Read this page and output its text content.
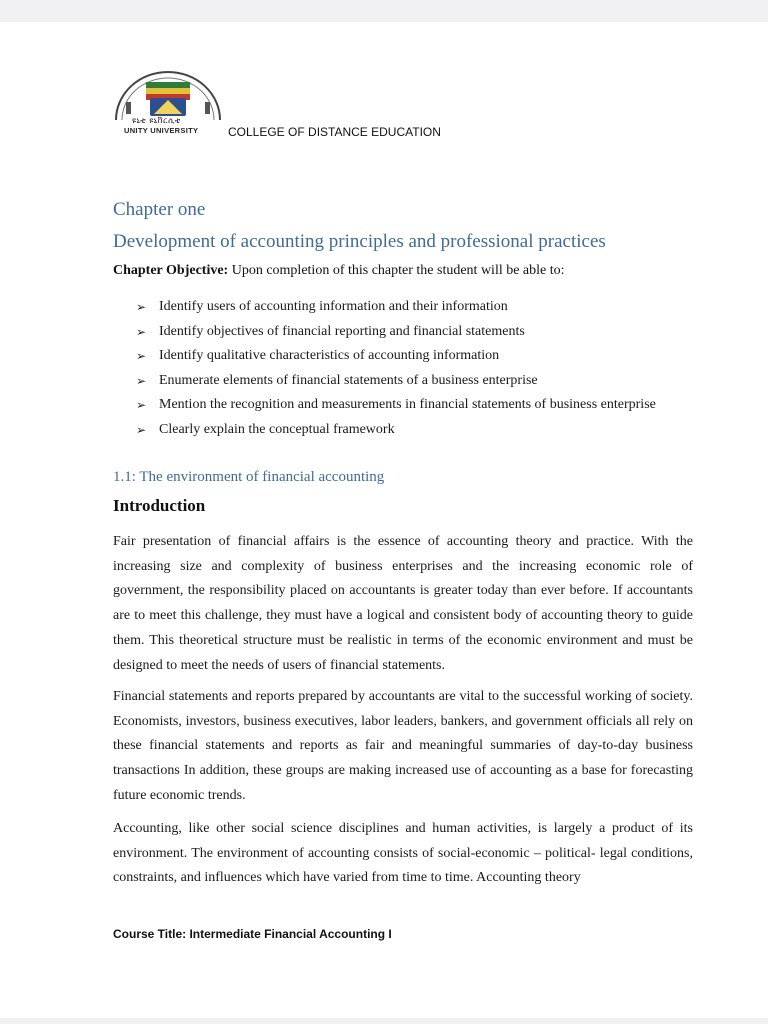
ዩኒቲ ዩኒቨርሲቲ
UNITY UNIVERSITY COLLEGE OF DISTANCE EDUCATION
Chapter one
Development of accounting principles and professional practices
Chapter Objective: Upon completion of this chapter the student will be able to:
➢ Identify users of accounting information and their information
➢ Identify objectives of financial reporting and financial statements
➢ Identify qualitative characteristics of accounting information
➢ Enumerate elements of financial statements of a business enterprise
➢ Mention the recognition and measurements in financial statements of business enterprise
➢ Clearly explain the conceptual framework
1.1: The environment of financial accounting
Introduction

Fair presentation of financial affairs is the essence of accounting theory and practice. With the increasing size and complexity of business enterprises and the increasing economic role of government, the responsibility placed on accountants is greater today than ever before. If accountants are to meet this challenge, they must have a logical and consistent body of accounting theory to guide them. This theoretical structure must be realistic in terms of the economic environment and must be designed to meet the needs of users of financial statements.

Financial statements and reports prepared by accountants are vital to the successful working of society. Economists, investors, business executives, labor leaders, bankers, and government officials all rely on these financial statements and reports as fair and meaningful summaries of day-to-day business transactions In addition, these groups are making increased use of accounting as a base for forecasting future economic trends.

Accounting, like other social science disciplines and human activities, is largely a product of its environment. The environment of accounting consists of social-economic – political- legal conditions, constraints, and influences which have varied from time to time. Accounting theory

Course Title: Intermediate Financial Accounting I
